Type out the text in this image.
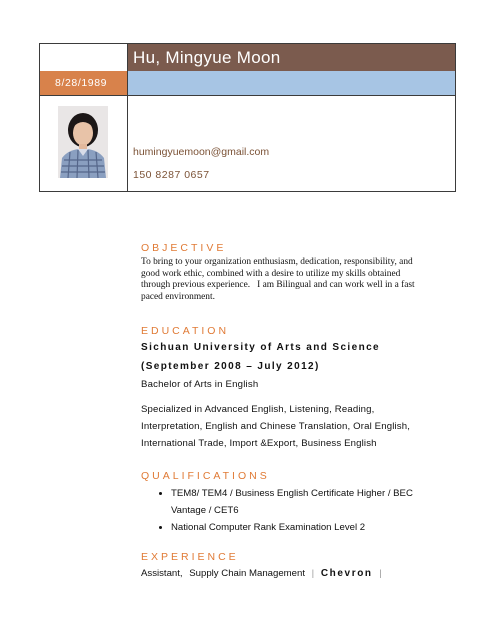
Hu, Mingyue Moon
8/28/1989
humingyuemoon@gmail.com
150 8287 0657
OBJECTIVE
To bring to your organization enthusiasm, dedication, responsibility, and
good work ethic, combined with a desire to utilize my skills obtained
through previous experience.   I am Bilingual and can work well in a fast
paced environment.
EDUCATION
Sichuan University of Arts and Science
(September 2008 – July 2012)
Bachelor of Arts in English
Specialized in Advanced English, Listening, Reading,
Interpretation, English and Chinese Translation, Oral English,
International Trade, Import &Export, Business English
QUALIFICATIONS
• TEM8/ TEM4 / Business English Certificate Higher / BEC
Vantage / CET6
• National Computer Rank Examination Level 2
EXPERIENCE
Assistant, Supply Chain Management | Chevron |
